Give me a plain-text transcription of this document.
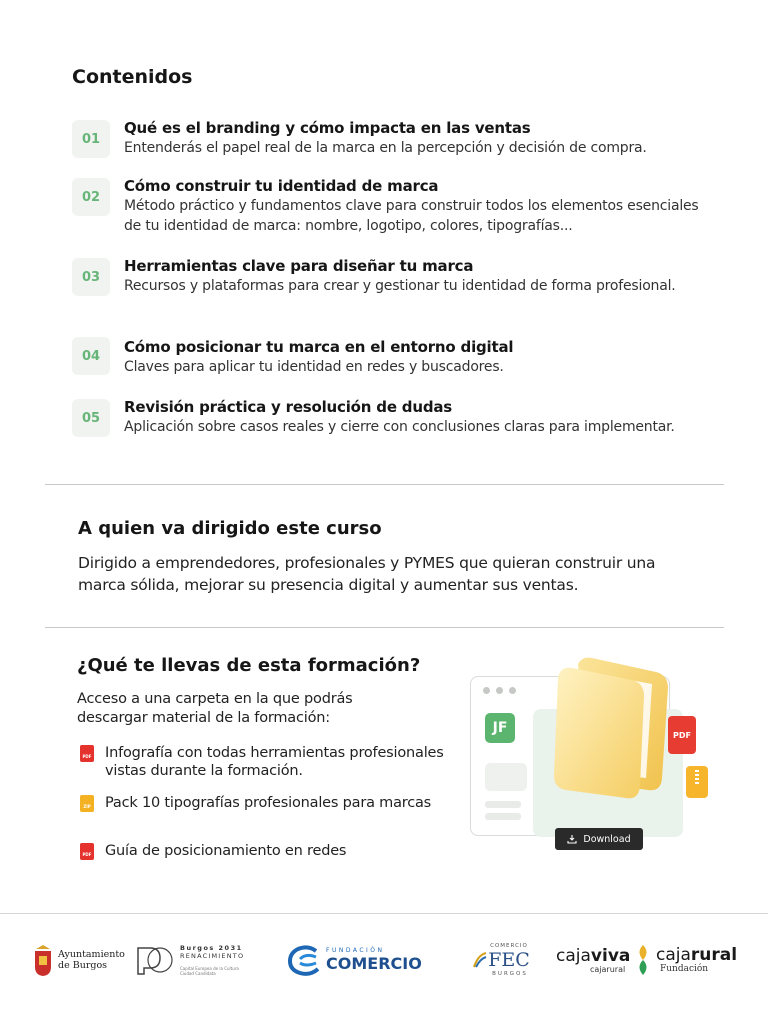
Contenidos
01
Qué es el branding y cómo impacta en las ventas
Entenderás el papel real de la marca en la percepción y decisión de compra.
02
Cómo construir tu identidad de marca
Método práctico y fundamentos clave para construir todos los elementos esenciales de tu identidad de marca: nombre, logotipo, colores, tipografías...
03
Herramientas clave para diseñar tu marca
Recursos y plataformas para crear y gestionar tu identidad de forma profesional.
04	Cómo posicionar tu marca en el entorno digital
Claves para aplicar tu identidad en redes y buscadores.
05
Revisión práctica y resolución de dudas
Aplicación sobre casos reales y cierre con conclusiones claras para implementar.
A quien va dirigido este curso
Dirigido a emprendedores, profesionales y PYMES que quieran construir una marca sólida, mejorar su presencia digital y aumentar sus ventas.
¿Qué te llevas de esta formación?
Acceso a una carpeta en la que podrás descargar material de la formación:
PDF Infografía con todas herramientas profesionales vistas durante la formación.
ZIP Pack 10 tipografías profesionales para marcas
PDF Guía de posicionamiento en redes
JF	PDF
Download
Ayuntamiento
de Burgos
Burgos 2031
RENACIMIENTO
Capital Europea de la Cultura
Ciudad Candidata
FUNDACIÓN
COMERCIO
COMERCIO
FEC
BURGOS
cajaviva
cajarural
cajarural
Fundación
